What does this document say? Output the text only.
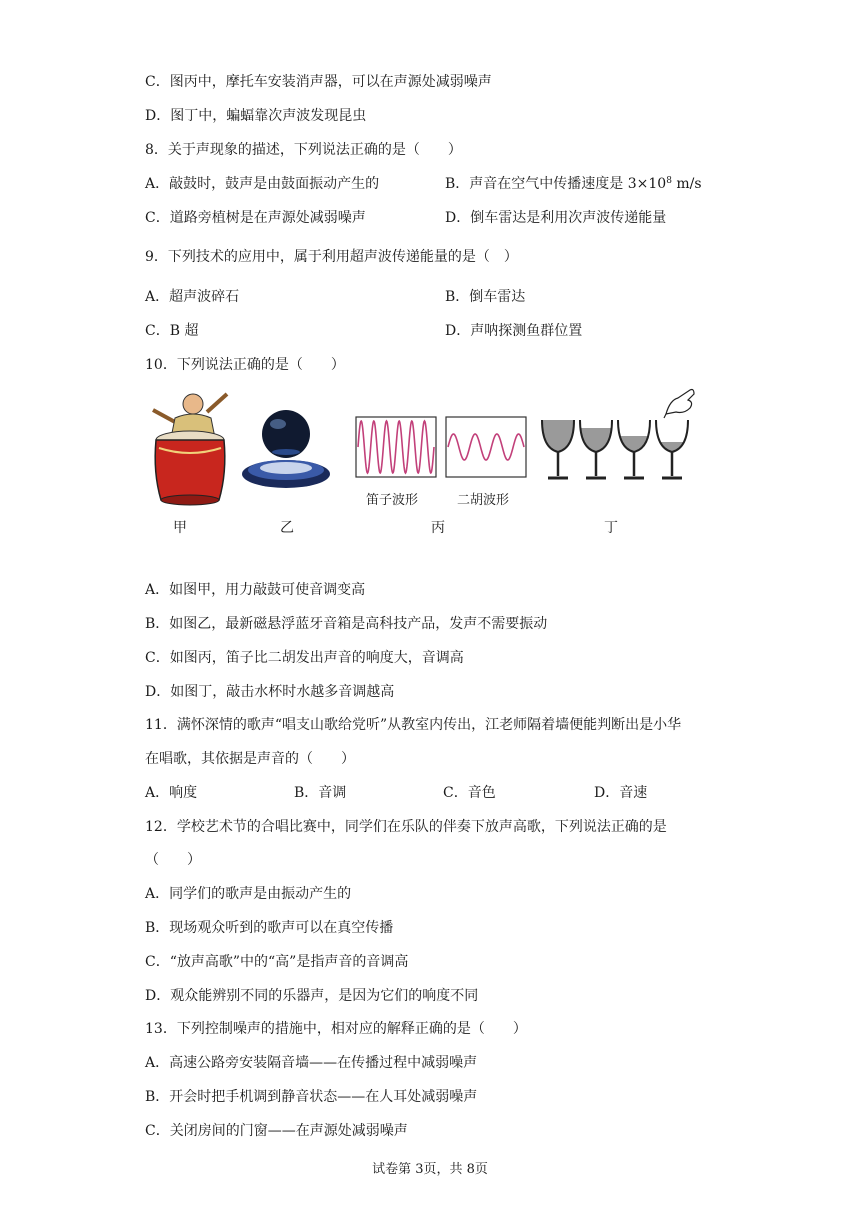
C．图丙中，摩托车安装消声器，可以在声源处减弱噪声
D．图丁中，蝙蝠靠次声波发现昆虫
8．关于声现象的描述，下列说法正确的是（　　）
A．敲鼓时，鼓声是由鼓面振动产生的	B．声音在空气中传播速度是 $3\times 10^8$ m/s
C．道路旁植树是在声源处减弱噪声	D．倒车雷达是利用次声波传递能量
9．下列技术的应用中，属于利用超声波传递能量的是（　）
A．超声波碎石	B．倒车雷达
C．B 超	D．声呐探测鱼群位置
10．下列说法正确的是（　　）
甲	乙
笛子波形	二胡波形
丙	丁
A．如图甲，用力敲鼓可使音调变高
B．如图乙，最新磁悬浮蓝牙音箱是高科技产品，发声不需要振动
C．如图丙，笛子比二胡发出声音的响度大，音调高
D．如图丁，敲击水杯时水越多音调越高
11．满怀深情的歌声“唱支山歌给党听”从教室内传出，江老师隔着墙便能判断出是小华
在唱歌，其依据是声音的（　　）
A．响度	B．音调	C．音色	D．音速
12．学校艺术节的合唱比赛中，同学们在乐队的伴奏下放声高歌，下列说法正确的是
（　　）
A．同学们的歌声是由振动产生的
B．现场观众听到的歌声可以在真空传播
C．“放声高歌”中的“高”是指声音的音调高
D．观众能辨别不同的乐器声，是因为它们的响度不同
13．下列控制噪声的措施中，相对应的解释正确的是（　　）
A．高速公路旁安装隔音墙——在传播过程中减弱噪声
B．开会时把手机调到静音状态——在人耳处减弱噪声
C．关闭房间的门窗——在声源处减弱噪声
试卷第 3页，共 8页
